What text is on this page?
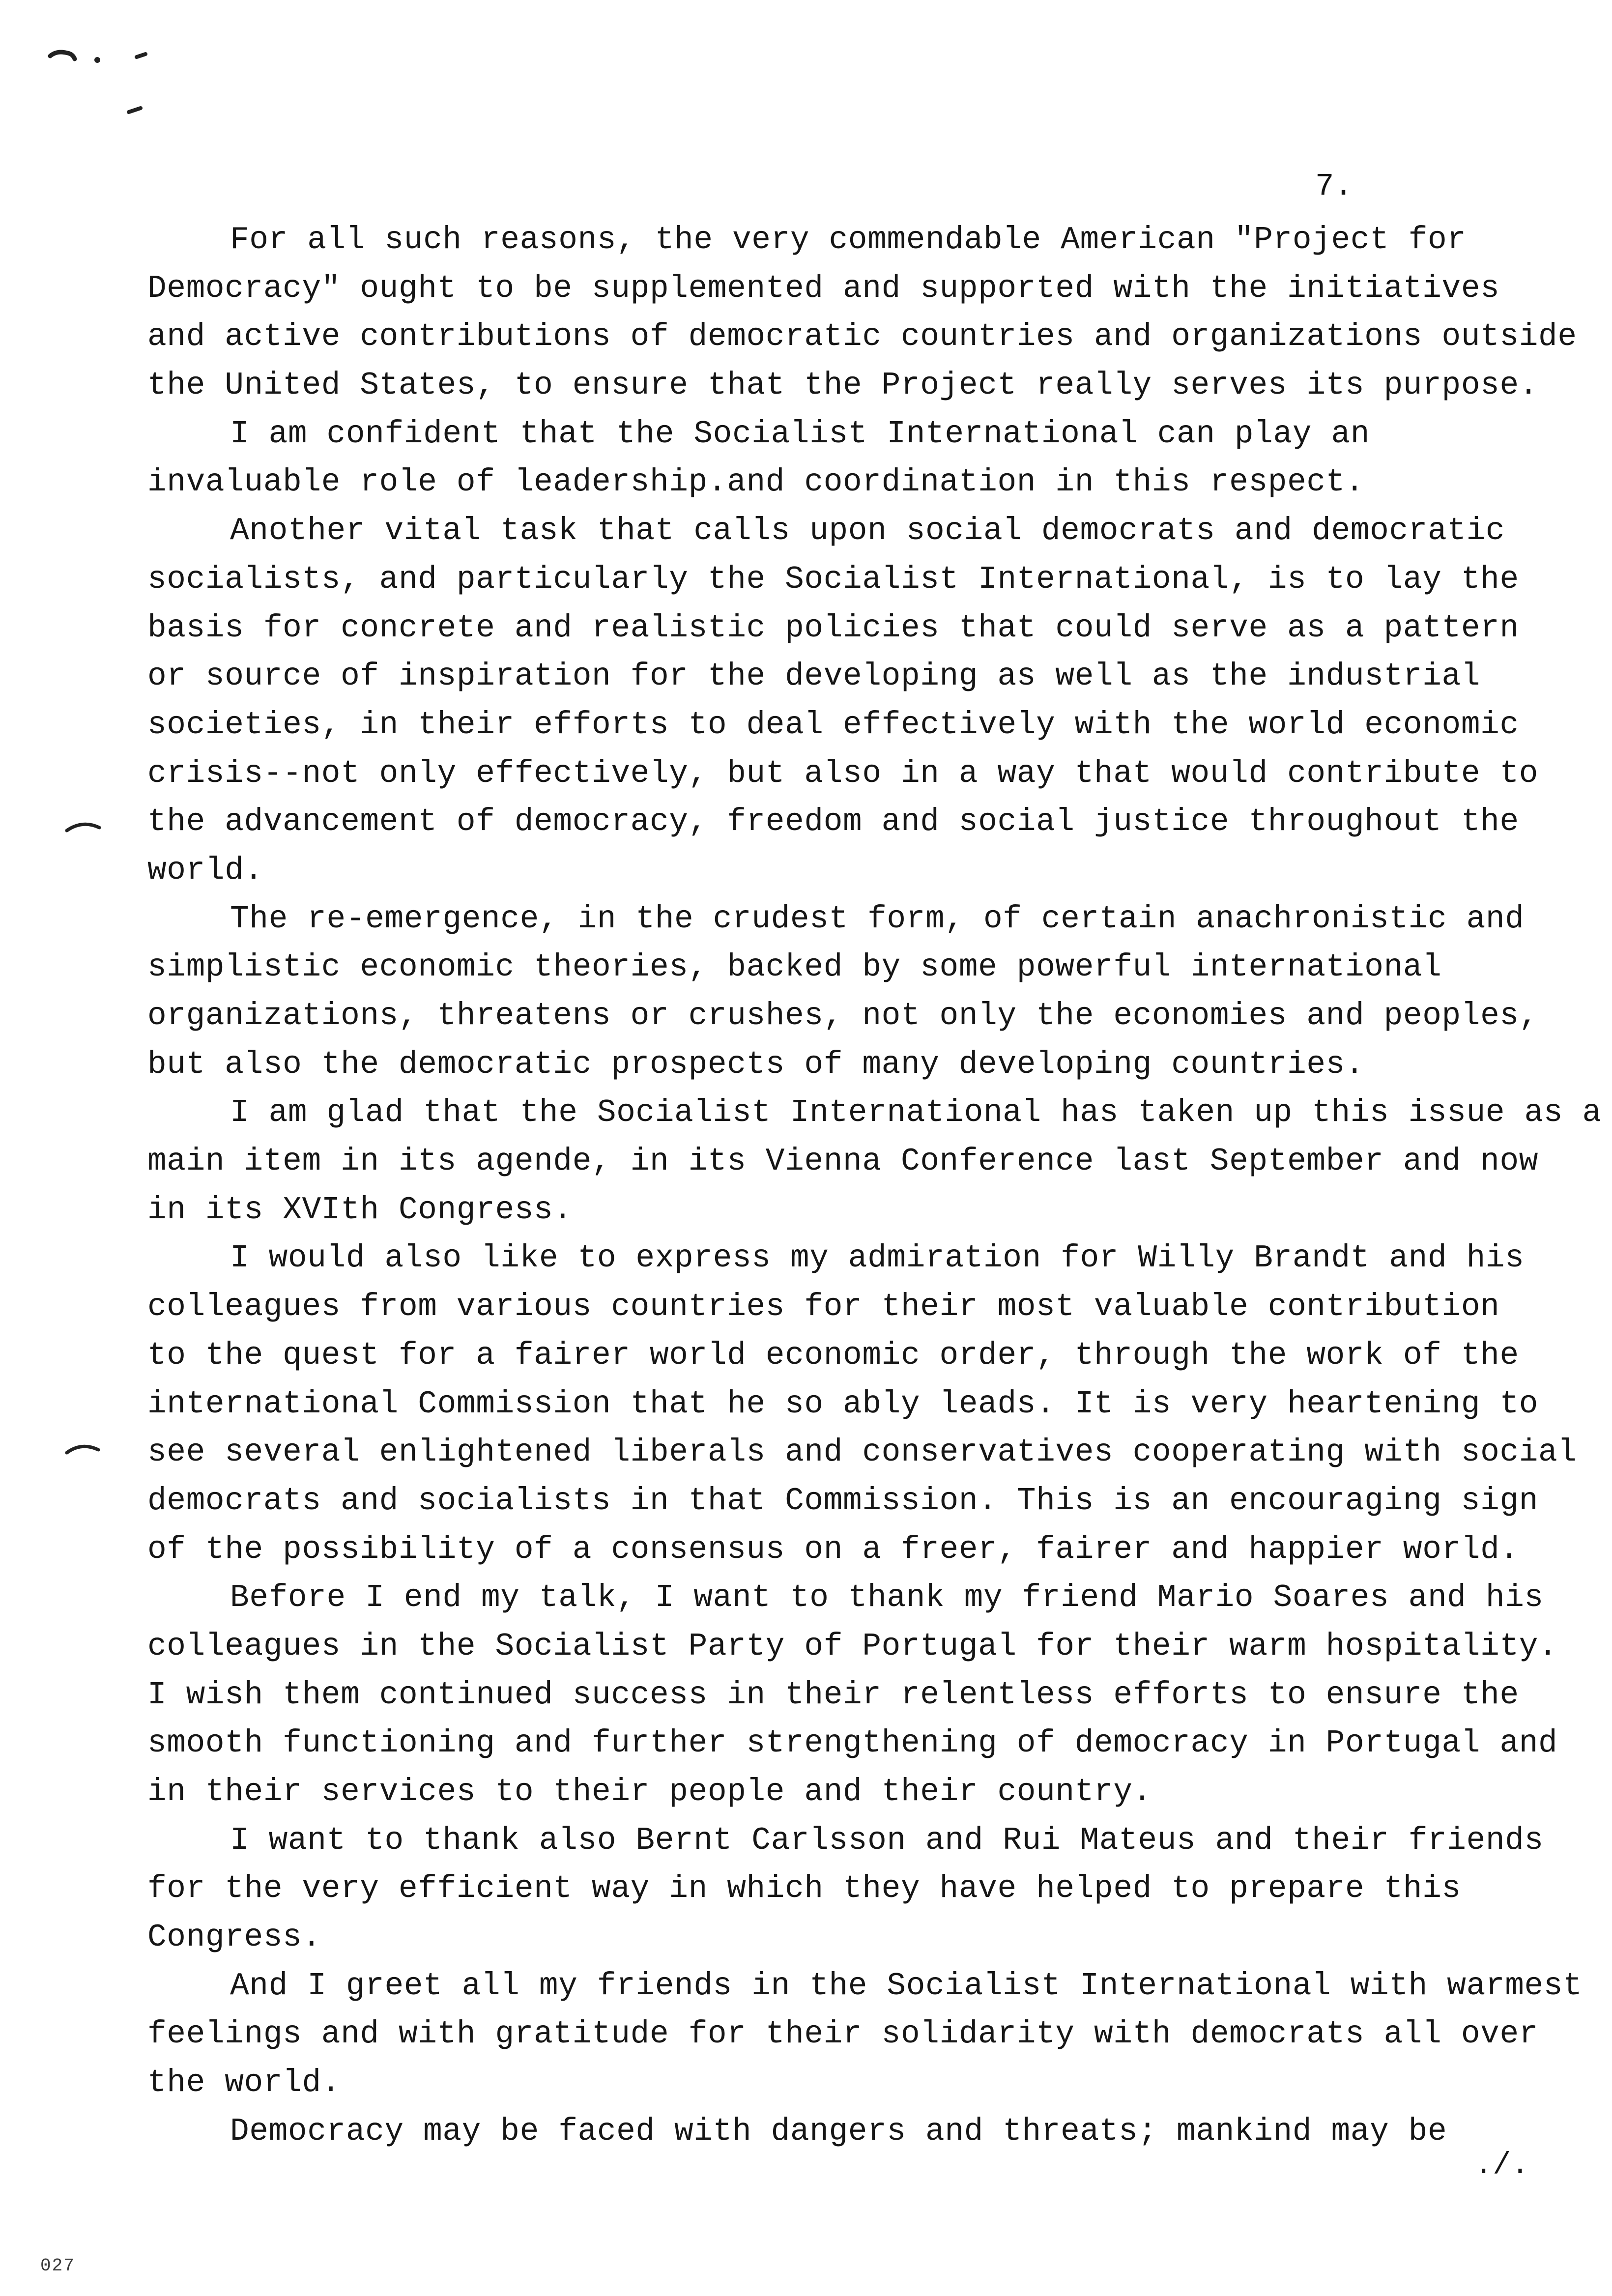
7.
For all such reasons, the very commendable American "Project for
Democracy" ought to be supplemented and supported with the initiatives
and active contributions of democratic countries and organizations outside
the United States, to ensure that the Project really serves its purpose.
I am confident that the Socialist International can play an
invaluable role of leadership.and coordination in this respect.
Another vital task that calls upon social democrats and democratic
socialists, and particularly the Socialist International, is to lay the
basis for concrete and realistic policies that could serve as a pattern
or source of inspiration for the developing as well as the industrial
societies, in their efforts to deal effectively with the world economic
crisis--not only effectively, but also in a way that would contribute to
the advancement of democracy, freedom and social justice throughout the
world.
The re-emergence, in the crudest form, of certain anachronistic and
simplistic economic theories, backed by some powerful international
organizations, threatens or crushes, not only the economies and peoples,
but also the democratic prospects of many developing countries.
I am glad that the Socialist International has taken up this issue as a
main item in its agende, in its Vienna Conference last September and now
in its XVIth Congress.
I would also like to express my admiration for Willy Brandt and his
colleagues from various countries for their most valuable contribution
to the quest for a fairer world economic order, through the work of the
international Commission that he so ably leads. It is very heartening to
see several enlightened liberals and conservatives cooperating with social
democrats and socialists in that Commission. This is an encouraging sign
of the possibility of a consensus on a freer, fairer and happier world.
Before I end my talk, I want to thank my friend Mario Soares and his
colleagues in the Socialist Party of Portugal for their warm hospitality.
I wish them continued success in their relentless efforts to ensure the
smooth functioning and further strengthening of democracy in Portugal and
in their services to their people and their country.
I want to thank also Bernt Carlsson and Rui Mateus and their friends
for the very efficient way in which they have helped to prepare this
Congress.
And I greet all my friends in the Socialist International with warmest
feelings and with gratitude for their solidarity with democrats all over
the world.
Democracy may be faced with dangers and threats; mankind may be
./.
027
